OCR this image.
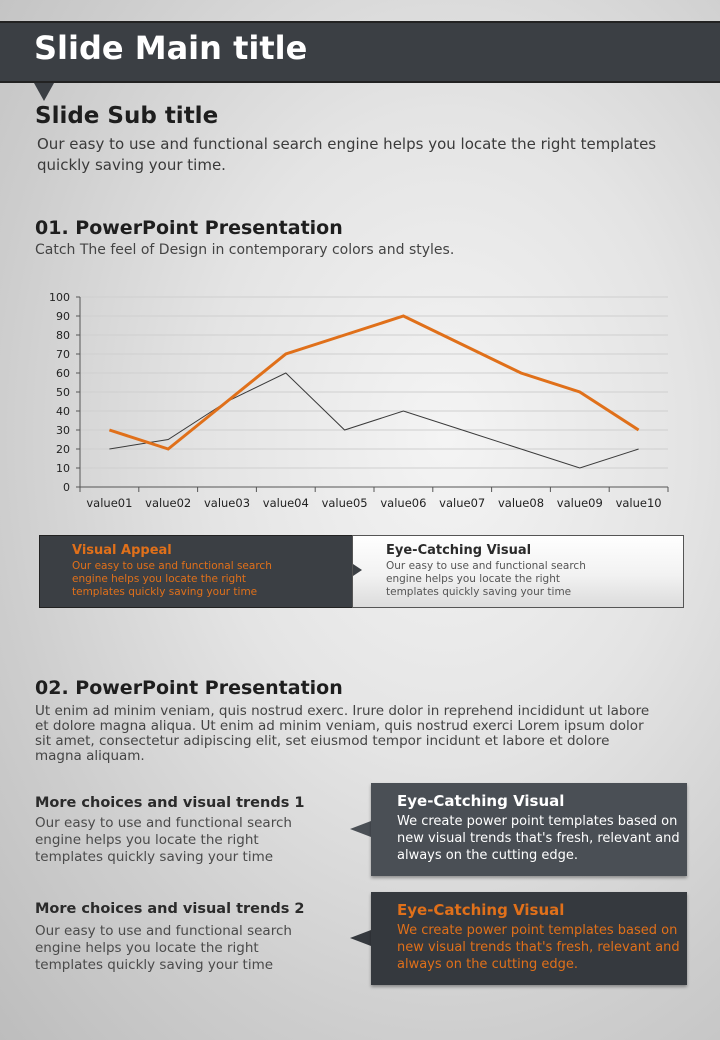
Slide Main title
Slide Sub title
Our easy to use and functional search engine helps you locate the right templates quickly saving your time.
01. PowerPoint Presentation
Catch The feel of Design in contemporary colors and styles.
0
10
20
30
40
50
60
70
80
90
100
value01 value02 value03 value04 value05 value06 value07 value08 value09 value10
Visual Appeal
Our easy to use and functional search engine helps you locate the right templates quickly saving your time
Eye-Catching Visual
Our easy to use and functional search engine helps you locate the right templates quickly saving your time
02. PowerPoint Presentation
Ut enim ad minim veniam, quis nostrud exerc. Irure dolor in reprehend incididunt ut labore et dolore magna aliqua. Ut enim ad minim veniam, quis nostrud exerci Lorem ipsum dolor sit amet, consectetur adipiscing elit, set eiusmod tempor incidunt et labore et dolore magna aliquam.
More choices and visual trends 1
Our easy to use and functional search engine helps you locate the right templates quickly saving your time
More choices and visual trends 2
Our easy to use and functional search engine helps you locate the right templates quickly saving your time
Eye-Catching Visual
We create power point templates based on new visual trends that's fresh, relevant and always on the cutting edge.
Eye-Catching Visual
We create power point templates based on new visual trends that's fresh, relevant and always on the cutting edge.
